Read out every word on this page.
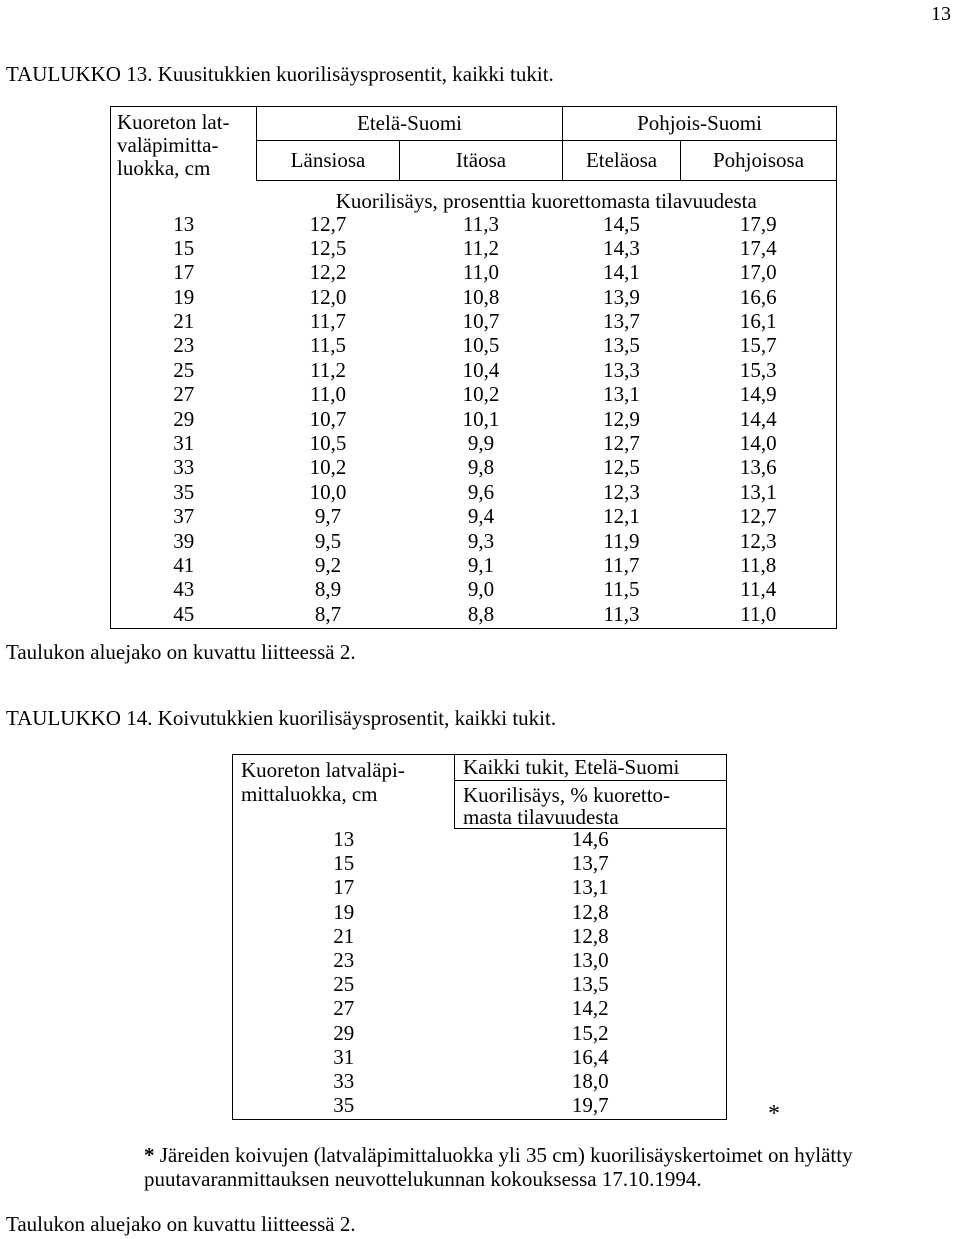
13
TAULUKKO 13. Kuusitukkien kuorilisäysprosentit, kaikki tukit.
Kuoreton lat-
valäpimitta-
luokka, cm	Etelä-Suomi		Pohjois-Suomi	
	Länsiosa	Itäosa	Eteläosa	Pohjoisosa
	Kuorilisäys, prosenttia kuorettomasta tilavuudesta			
13	12,7	11,3	14,5	17,9
15	12,5	11,2	14,3	17,4
17	12,2	11,0	14,1	17,0
19	12,0	10,8	13,9	16,6
21	11,7	10,7	13,7	16,1
23	11,5	10,5	13,5	15,7
25	11,2	10,4	13,3	15,3
27	11,0	10,2	13,1	14,9
29	10,7	10,1	12,9	14,4
31	10,5	9,9	12,7	14,0
33	10,2	9,8	12,5	13,6
35	10,0	9,6	12,3	13,1
37	9,7	9,4	12,1	12,7
39	9,5	9,3	11,9	12,3
41	9,2	9,1	11,7	11,8
43	8,9	9,0	11,5	11,4
45	8,7	8,8	11,3	11,0
Taulukon aluejako on kuvattu liitteessä 2.
TAULUKKO 14. Koivutukkien kuorilisäysprosentit, kaikki tukit.
Kuoreton latvaläpi-
mittaluokka, cm	Kaikki tukit, Etelä-Suomi
	Kuorilisäys, % kuoretto-
masta tilavuudesta
13	14,6
15	13,7
17	13,1
19	12,8
21	12,8
23	13,0
25	13,5
27	14,2
29	15,2
31	16,4
33	18,0
35	19,7	*
* Järeiden koivujen (latvaläpimittaluokka yli 35 cm) kuorilisäyskertoimet on hylätty puutavaranmittauksen neuvottelukunnan kokouksessa 17.10.1994.
Taulukon aluejako on kuvattu liitteessä 2.
